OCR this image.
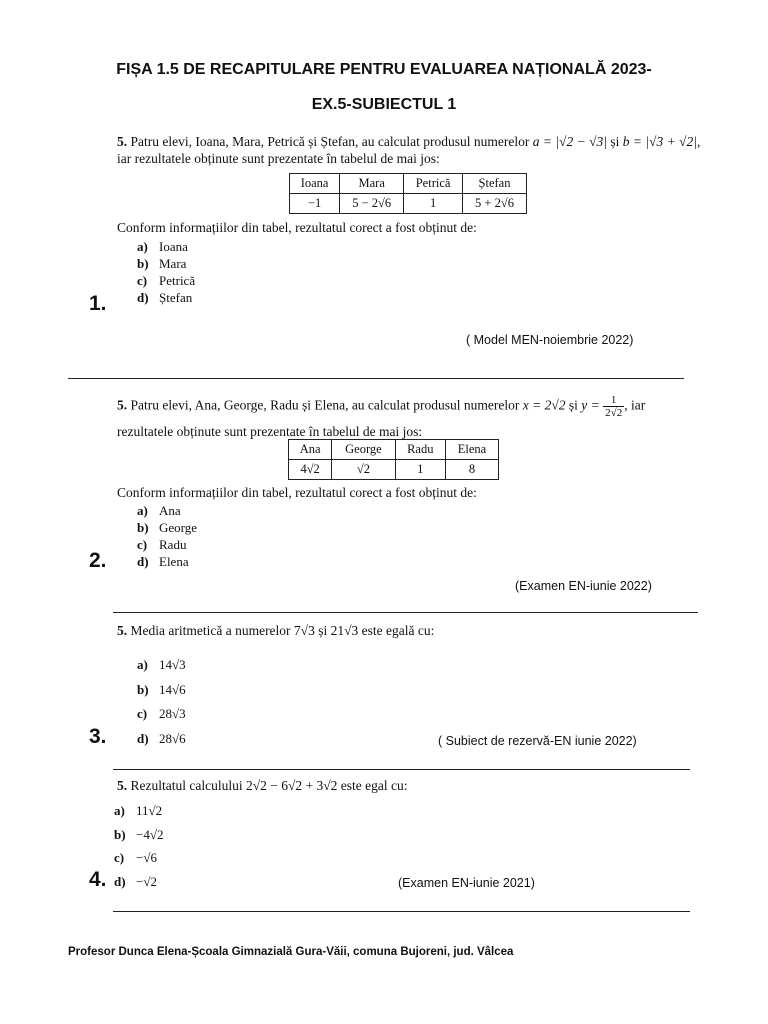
FIȘA 1.5 DE RECAPITULARE PENTRU EVALUAREA NAȚIONALĂ 2023-
EX.5-SUBIECTUL 1
5. Patru elevi, Ioana, Mara, Petrică și Ștefan, au calculat produsul numerelor a = |√2 − √3| și b = |√3 + √2|, iar rezultatele obținute sunt prezentate în tabelul de mai jos:
Ioana	Mara	Petrică	Ștefan
−1	5 − 2√6	1	5 + 2√6
Conform informațiilor din tabel, rezultatul corect a fost obținut de:
a) Ioana
b) Mara
c) Petrică
d) Ștefan
1.
( Model MEN-noiembrie 2022)
5. Patru elevi, Ana, George, Radu și Elena, au calculat produsul numerelor x = 2√2 și $y = \frac{1}{2√2}$ , iar
rezultatele obținute sunt prezentate în tabelul de mai jos:
Ana	George	Radu	Elena
4√2	√2	1	8
Conform informațiilor din tabel, rezultatul corect a fost obținut de:
a) Ana
b) George
c) Radu
d) Elena
2.
(Examen EN-iunie 2022)
5. Media aritmetică a numerelor 7√3 și 21√3 este egală cu:
a) 14√3
b) 14√6
c) 28√3
d) 28√6
3.	( Subiect de rezervă-EN iunie 2022)
5. Rezultatul calculului 2√2 − 6√2 + 3√2 este egal cu:
a) 11√2
b) −4√2
c) −√6
d) −√2
4.	(Examen EN-iunie 2021)
Profesor Dunca Elena-Școala Gimnazială Gura-Văii, comuna Bujoreni, jud. Vâlcea
